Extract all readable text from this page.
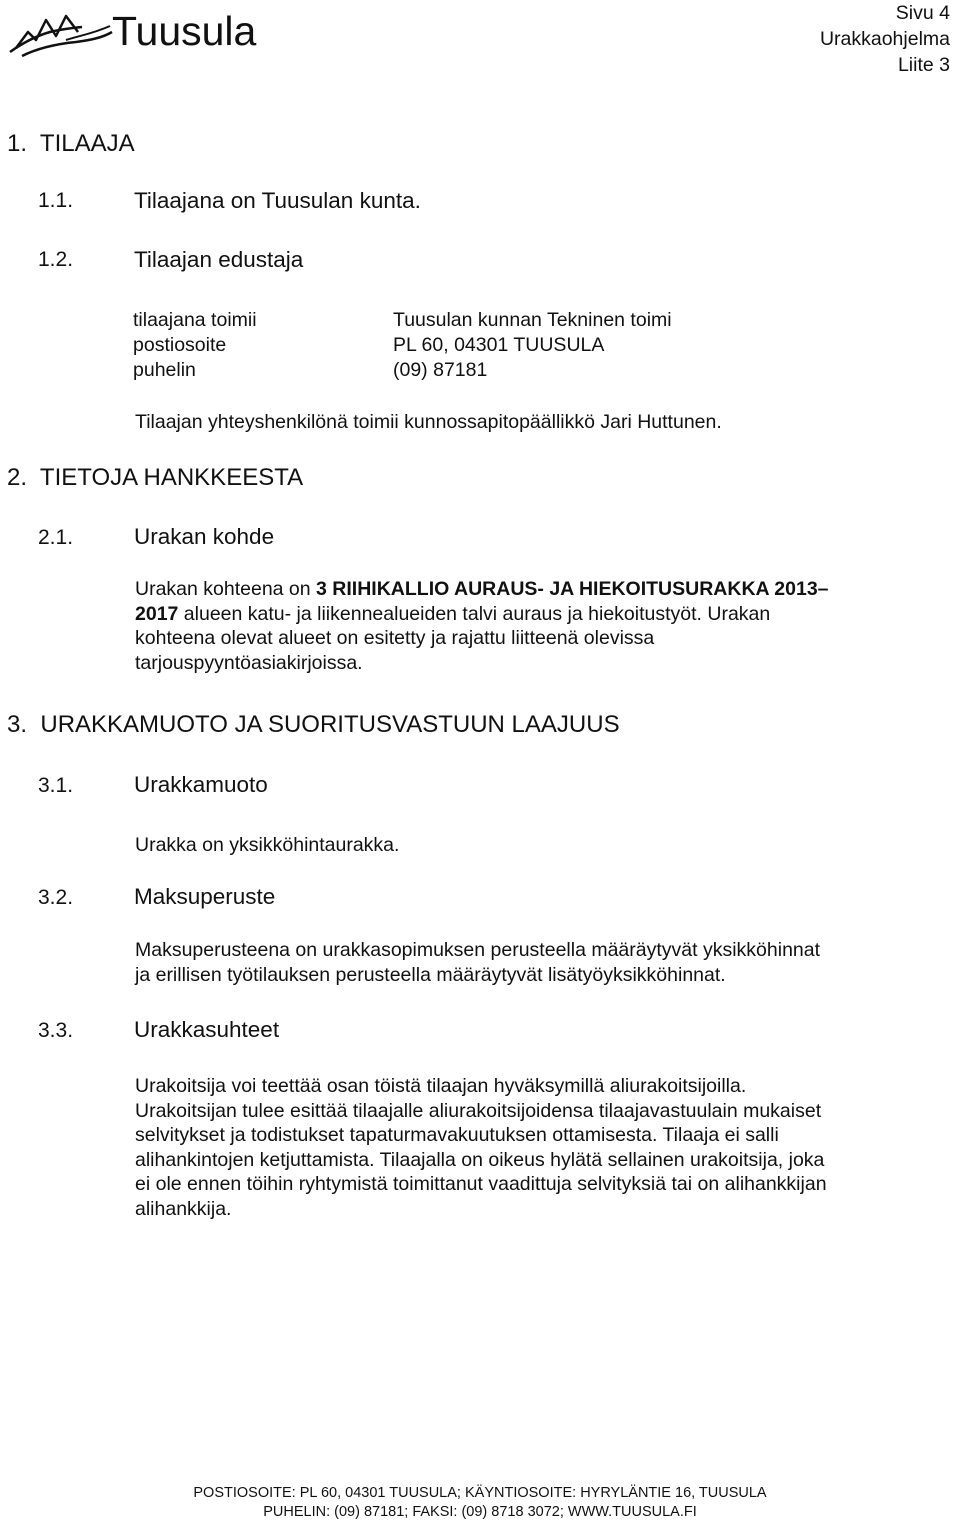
Tuusula	Sivu 4
Urakkaohjelma
Liite 3
1. TILAAJA
1.1.	Tilaajana on Tuusulan kunta.
1.2.	Tilaajan edustaja
tilaajana toimii	Tuusulan kunnan Tekninen toimi
postiosoite	PL 60, 04301 TUUSULA
puhelin	(09) 87181
Tilaajan yhteyshenkilönä toimii kunnossapitopäällikkö Jari Huttunen.
2. TIETOJA HANKKEESTA
2.1.	Urakan kohde
Urakan kohteena on 3 RIIHIKALLIO AURAUS- JA HIEKOITUSURAKKA 2013–
2017 alueen katu- ja liikennealueiden talvi auraus ja hiekoitustyöt. Urakan
kohteena olevat alueet on esitetty ja rajattu liitteenä olevissa
tarjouspyyntöasiakirjoissa.
3. URAKKAMUOTO JA SUORITUSVASTUUN LAAJUUS
3.1.	Urakkamuoto
Urakka on yksikköhintaurakka.
3.2.	Maksuperuste
Maksuperusteena on urakkasopimuksen perusteella määräytyvät yksikköhinnat
ja erillisen työtilauksen perusteella määräytyvät lisätyöyksikköhinnat.
3.3.	Urakkasuhteet
Urakoitsija voi teettää osan töistä tilaajan hyväksymillä aliurakoitsijoilla.
Urakoitsijan tulee esittää tilaajalle aliurakoitsijoidensa tilaajavastuulain mukaiset
selvitykset ja todistukset tapaturmavakuutuksen ottamisesta. Tilaaja ei salli
alihankintojen ketjuttamista. Tilaajalla on oikeus hylätä sellainen urakoitsija, joka
ei ole ennen töihin ryhtymistä toimittanut vaadittuja selvityksiä tai on alihankkijan
alihankkija.
POSTIOSOITE: PL 60, 04301 TUUSULA; KÄYNTIOSOITE: HYRYLÄNTIE 16, TUUSULA
PUHELIN: (09) 87181; FAKSI: (09) 8718 3072; WWW.TUUSULA.FI
